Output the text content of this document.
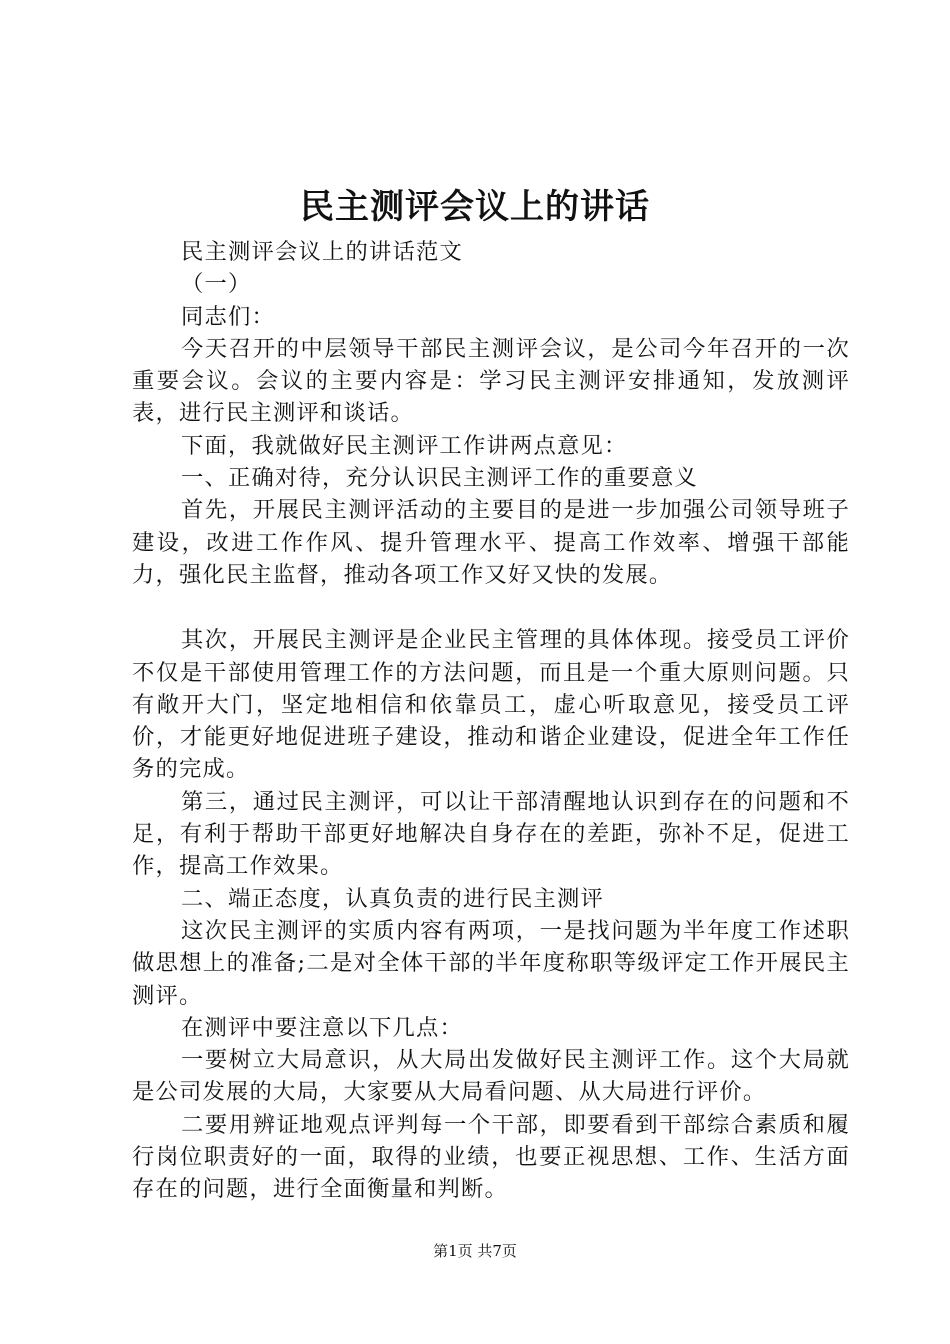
民主测评会议上的讲话

民主测评会议上的讲话范文

（一）

同志们：

今天召开的中层领导干部民主测评会议，是公司今年召开的一次重要会议。会议的主要内容是：学习民主测评安排通知，发放测评表，进行民主测评和谈话。

下面，我就做好民主测评工作讲两点意见：

一、正确对待，充分认识民主测评工作的重要意义

首先，开展民主测评活动的主要目的是进一步加强公司领导班子建设，改进工作作风、提升管理水平、提高工作效率、增强干部能力，强化民主监督，推动各项工作又好又快的发展。

其次，开展民主测评是企业民主管理的具体体现。接受员工评价不仅是干部使用管理工作的方法问题，而且是一个重大原则问题。只有敞开大门，坚定地相信和依靠员工，虚心听取意见，接受员工评价，才能更好地促进班子建设，推动和谐企业建设，促进全年工作任务的完成。

第三，通过民主测评，可以让干部清醒地认识到存在的问题和不足，有利于帮助干部更好地解决自身存在的差距，弥补不足，促进工作，提高工作效果。

二、端正态度，认真负责的进行民主测评

这次民主测评的实质内容有两项，一是找问题为半年度工作述职做思想上的准备;二是对全体干部的半年度称职等级评定工作开展民主测评。

在测评中要注意以下几点：

一要树立大局意识，从大局出发做好民主测评工作。这个大局就是公司发展的大局，大家要从大局看问题、从大局进行评价。

二要用辨证地观点评判每一个干部，即要看到干部综合素质和履行岗位职责好的一面，取得的业绩，也要正视思想、工作、生活方面存在的问题，进行全面衡量和判断。

第1页 共7页
